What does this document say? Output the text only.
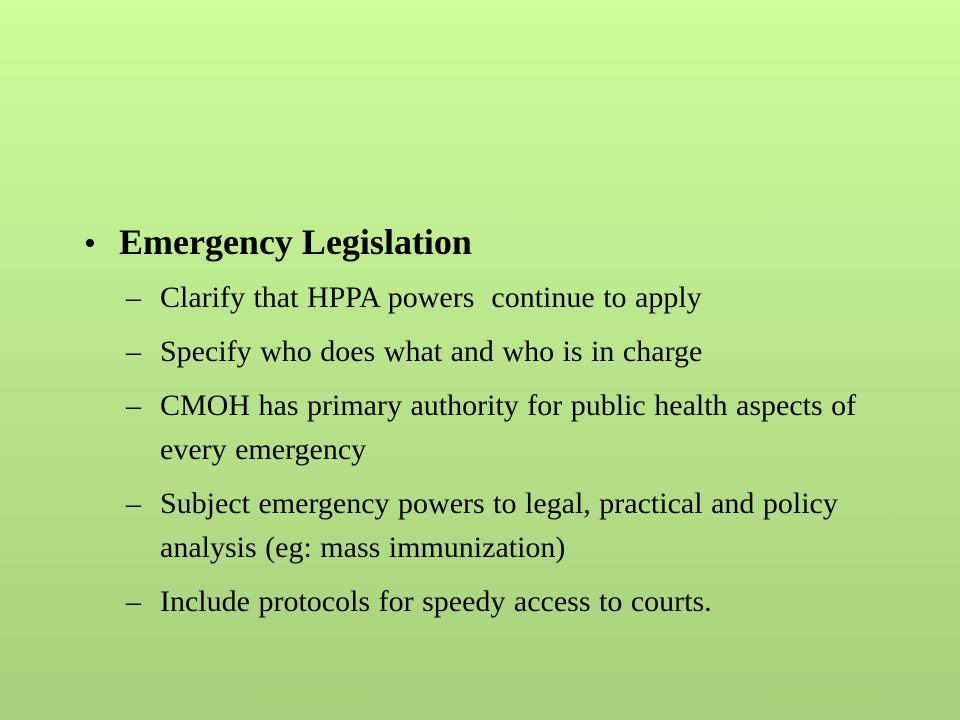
• Emergency Legislation
– Clarify that HPPA powers  continue to apply
– Specify who does what and who is in charge
– CMOH has primary authority for public health aspects of every emergency
– Subject emergency powers to legal, practical and policy analysis (eg: mass immunization)
– Include protocols for speedy access to courts.
